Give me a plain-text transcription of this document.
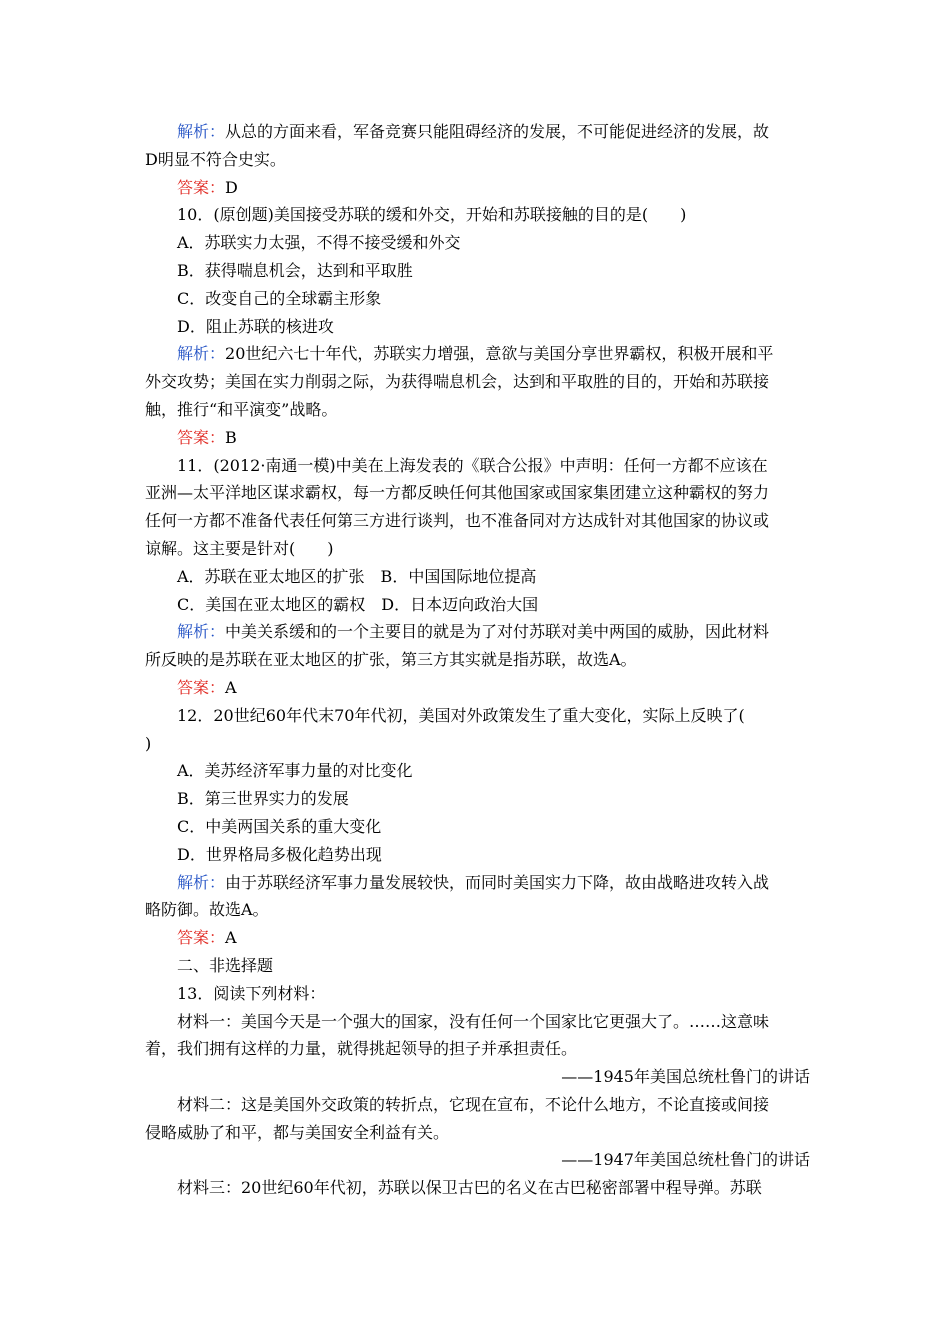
解析：从总的方面来看，军备竞赛只能阻碍经济的发展，不可能促进经济的发展，故
D明显不符合史实。
答案：D
10．(原创题)美国接受苏联的缓和外交，开始和苏联接触的目的是(　　)
A．苏联实力太强，不得不接受缓和外交
B．获得喘息机会，达到和平取胜
C．改变自己的全球霸主形象
D．阻止苏联的核进攻
解析：20世纪六七十年代，苏联实力增强，意欲与美国分享世界霸权，积极开展和平
外交攻势；美国在实力削弱之际，为获得喘息机会，达到和平取胜的目的，开始和苏联接
触，推行“和平演变”战略。
答案：B
11．(2012·南通一模)中美在上海发表的《联合公报》中声明：任何一方都不应该在
亚洲—太平洋地区谋求霸权，每一方都反映任何其他国家或国家集团建立这种霸权的努力
任何一方都不准备代表任何第三方进行谈判，也不准备同对方达成针对其他国家的协议或
谅解。这主要是针对(　　)
A．苏联在亚太地区的扩张　B．中国国际地位提高
C．美国在亚太地区的霸权　D．日本迈向政治大国
解析：中美关系缓和的一个主要目的就是为了对付苏联对美中两国的威胁，因此材料
所反映的是苏联在亚太地区的扩张，第三方其实就是指苏联，故选A。
答案：A
12．20世纪60年代末70年代初，美国对外政策发生了重大变化，实际上反映了(
)
A．美苏经济军事力量的对比变化
B．第三世界实力的发展
C．中美两国关系的重大变化
D．世界格局多极化趋势出现
解析：由于苏联经济军事力量发展较快，而同时美国实力下降，故由战略进攻转入战
略防御。故选A。
答案：A
二、非选择题
13．阅读下列材料：
材料一：美国今天是一个强大的国家，没有任何一个国家比它更强大了。……这意味
着，我们拥有这样的力量，就得挑起领导的担子并承担责任。
——1945年美国总统杜鲁门的讲话
材料二：这是美国外交政策的转折点，它现在宣布，不论什么地方，不论直接或间接
侵略威胁了和平，都与美国安全利益有关。
——1947年美国总统杜鲁门的讲话
材料三：20世纪60年代初，苏联以保卫古巴的名义在古巴秘密部署中程导弹。苏联
